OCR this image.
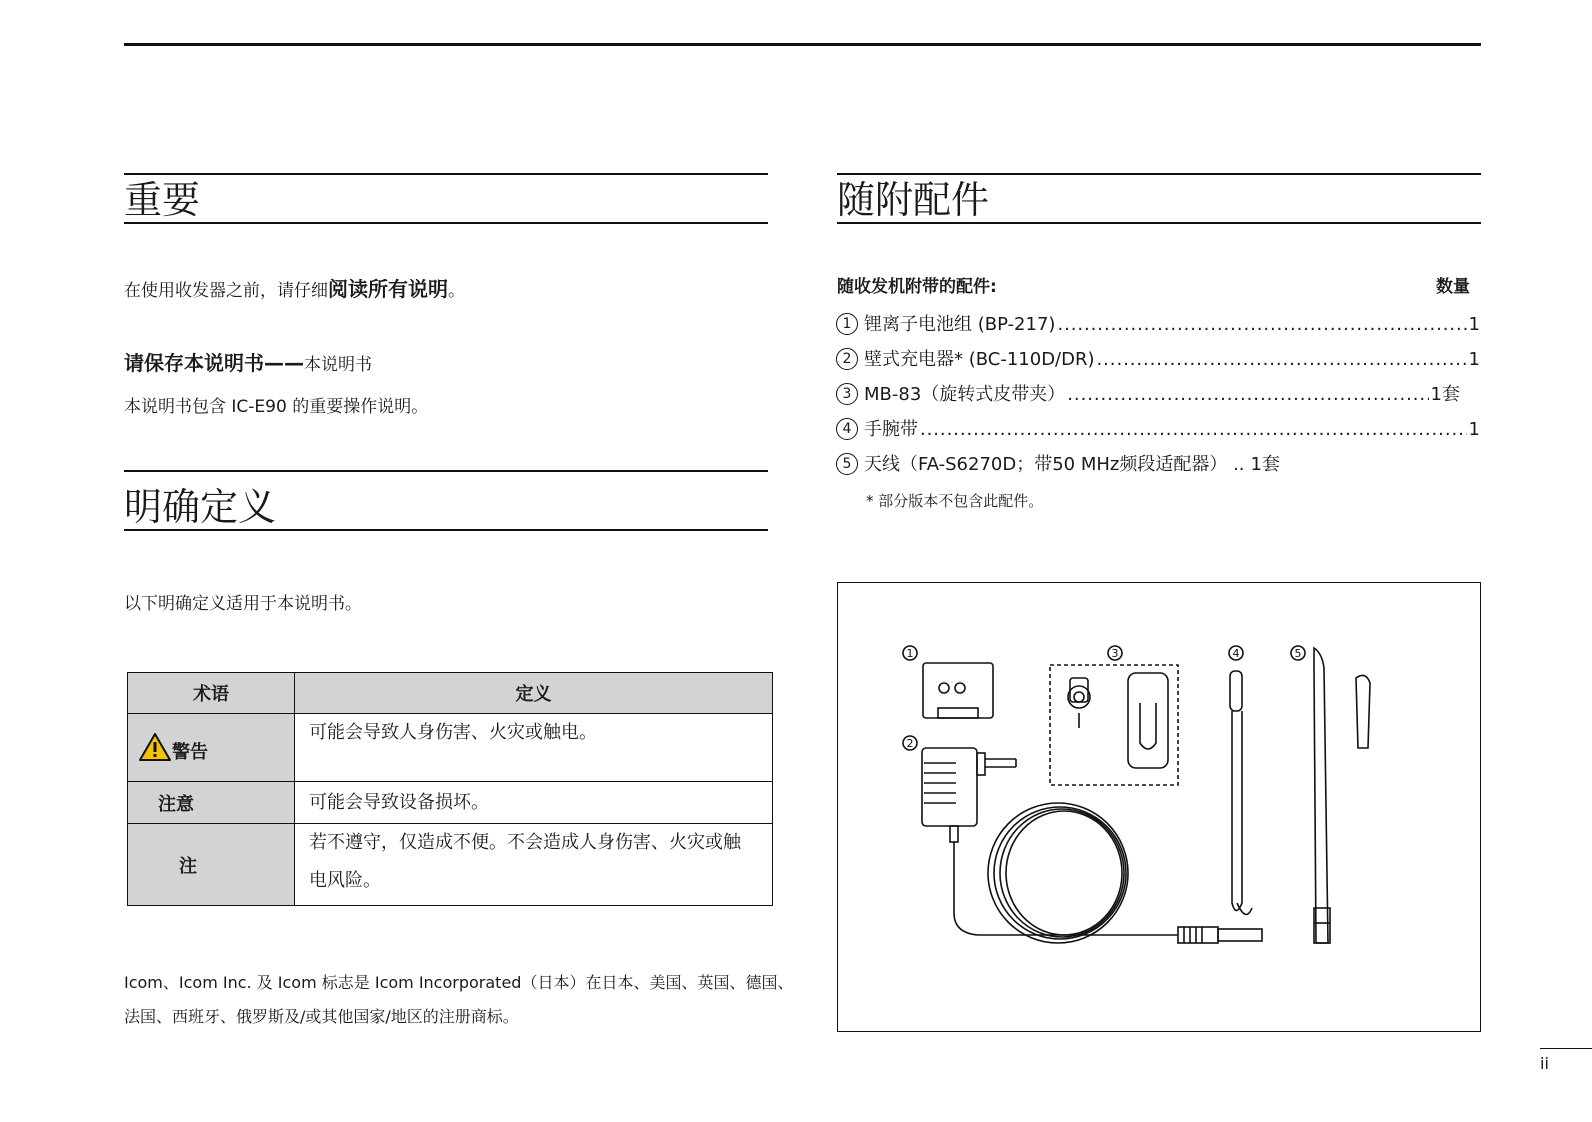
重要
在使用收发器之前，请仔细阅读所有说明。
请保存本说明书——本说明书
本说明书包含 IC-E90 的重要操作说明。
明确定义
以下明确定义适用于本说明书。
术语	定义
警告	可能会导致人身伤害、火灾或触电。
注意	可能会导致设备损坏。
注	若不遵守，仅造成不便。不会造成人身伤害、火灾或触
电风险。
Icom、Icom Inc. 及 Icom 标志是 Icom Incorporated（日本）在日本、美国、英国、德国、
法国、西班牙、俄罗斯及/或其他国家/地区的注册商标。
随附配件
随收发机附带的配件:	数量
1 锂离子电池组 (BP-217) . . .	1
2 壁式充电器* (BC-110D/DR) . . .	1
3 MB-83（旋转式皮带夹） . . .	1套
4 手腕带 . . .	1
5 天线（FA-S6270D；带50 MHz频段适配器） .. 1套
* 部分版本不包含此配件。
1
2
3	4	5
ii
